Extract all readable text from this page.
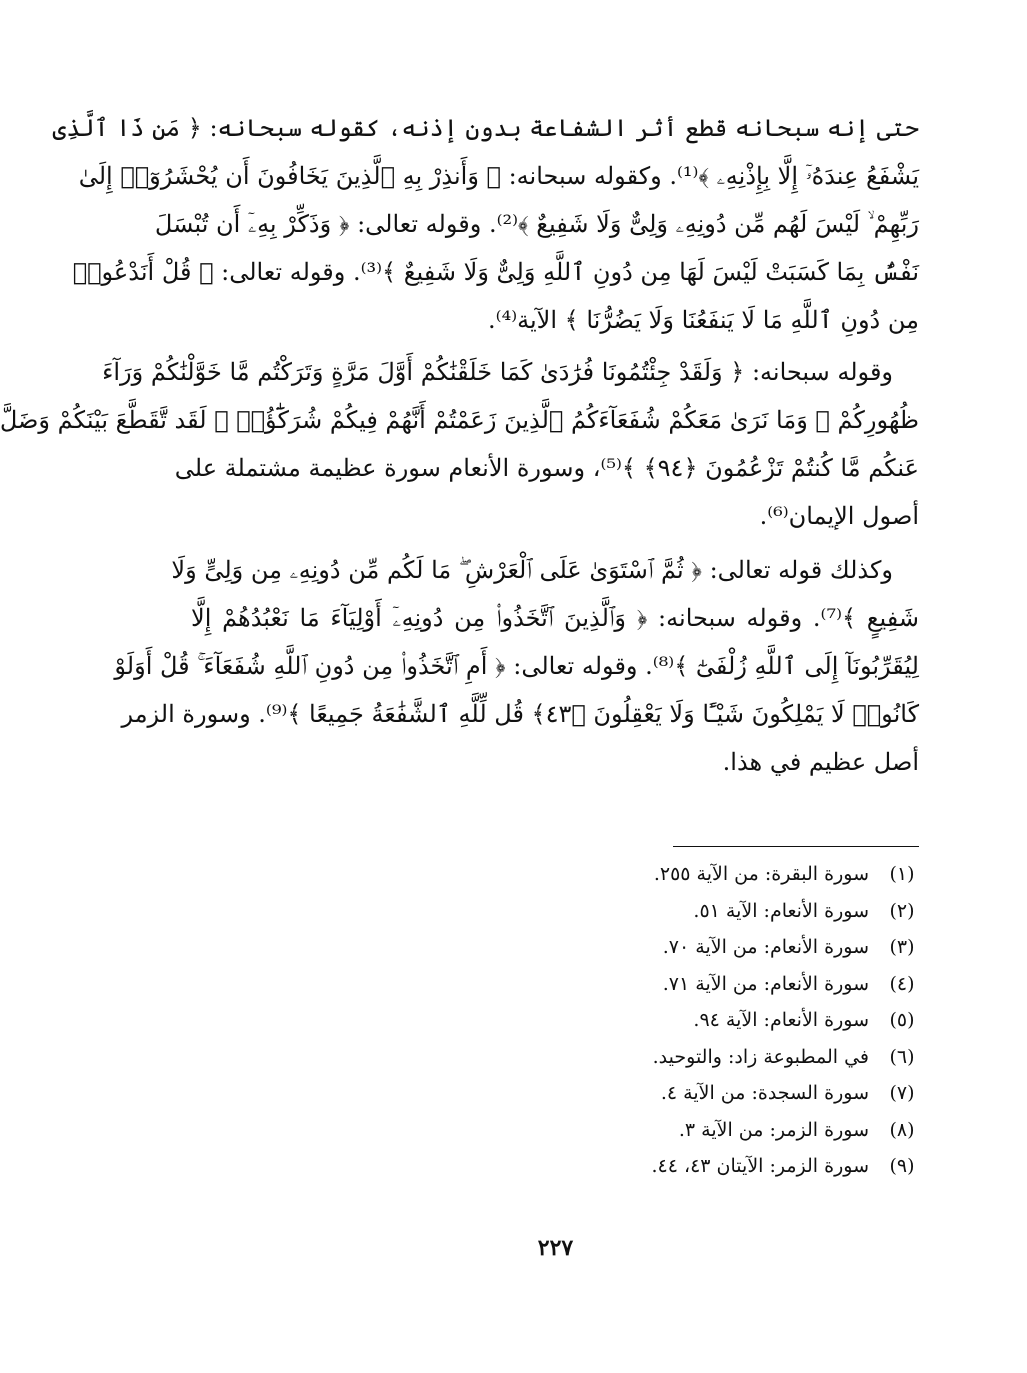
حتى إنه سبحانه قطع أثر الشفاعة بدون إذنه، كقوله سبحانه: ﴿ مَن ذَا ٱلَّذِى
يَشْفَعُ عِندَهُۥٓ إِلَّا بِإِذْنِهِۦ ﴾⁽¹⁾. وكقوله سبحانه: ﴿ وَأَنذِرْ بِهِ ٱلَّذِينَ يَخَافُونَ أَن يُحْشَرُوٓا۟ إِلَىٰ
رَبِّهِمْ ۙ لَيْسَ لَهُم مِّن دُونِهِۦ وَلِىٌّ وَلَا شَفِيعٌ ﴾⁽²⁾. وقوله تعالى: ﴿ وَذَكِّرْ بِهِۦٓ أَن تُبْسَلَ
نَفْسٌۢ بِمَا كَسَبَتْ لَيْسَ لَهَا مِن دُونِ ٱللَّهِ وَلِىٌّ وَلَا شَفِيعٌ ﴾⁽³⁾. وقوله تعالى: ﴿ قُلْ أَنَدْعُوا۟
مِن دُونِ ٱللَّهِ مَا لَا يَنفَعُنَا وَلَا يَضُرُّنَا ﴾ الآية⁽⁴⁾.
وقوله سبحانه: ﴿ وَلَقَدْ جِئْتُمُونَا فُرَٰدَىٰ كَمَا خَلَقْنَٰكُمْ أَوَّلَ مَرَّةٍ وَتَرَكْتُم مَّا خَوَّلْنَٰكُمْ وَرَآءَ
ظُهُورِكُمْ ۖ وَمَا نَرَىٰ مَعَكُمْ شُفَعَآءَكُمُ ٱلَّذِينَ زَعَمْتُمْ أَنَّهُمْ فِيكُمْ شُرَكَٰٓؤُا۟ ۚ لَقَد تَّقَطَّعَ بَيْنَكُمْ وَضَلَّ
عَنكُم مَّا كُنتُمْ تَزْعُمُونَ ﴿٩٤﴾ ﴾⁽⁵⁾، وسورة الأنعام سورة عظيمة مشتملة على
أصول الإيمان⁽⁶⁾.
وكذلك قوله تعالى: ﴿ ثُمَّ ٱسْتَوَىٰ عَلَى ٱلْعَرْشِ ۖ مَا لَكُم مِّن دُونِهِۦ مِن وَلِىٍّ وَلَا
شَفِيعٍ ﴾⁽⁷⁾. وقوله سبحانه: ﴿ وَٱلَّذِينَ ٱتَّخَذُوا۟ مِن دُونِهِۦٓ أَوْلِيَآءَ مَا نَعْبُدُهُمْ إِلَّا
لِيُقَرِّبُونَآ إِلَى ٱللَّهِ زُلْفَىٰٓ ﴾⁽⁸⁾. وقوله تعالى: ﴿ أَمِ ٱتَّخَذُوا۟ مِن دُونِ ٱللَّهِ شُفَعَآءَ ۚ قُلْ أَوَلَوْ
كَانُوا۟ لَا يَمْلِكُونَ شَيْـًٔا وَلَا يَعْقِلُونَ ﴿٤٣﴾ قُل لِّلَّهِ ٱلشَّفَٰعَةُ جَمِيعًا ﴾⁽⁹⁾. وسورة الزمر
أصل عظيم في هذا.
(١)سورة البقرة: من الآية ٢٥٥.
(٢)سورة الأنعام: الآية ٥١.
(٣)سورة الأنعام: من الآية ٧٠.
(٤)سورة الأنعام: من الآية ٧١.
(٥)سورة الأنعام: الآية ٩٤.
(٦)في المطبوعة زاد: والتوحيد.
(٧)سورة السجدة: من الآية ٤.
(٨)سورة الزمر: من الآية ٣.
(٩)سورة الزمر: الآيتان ٤٣، ٤٤.
٢٢٧
